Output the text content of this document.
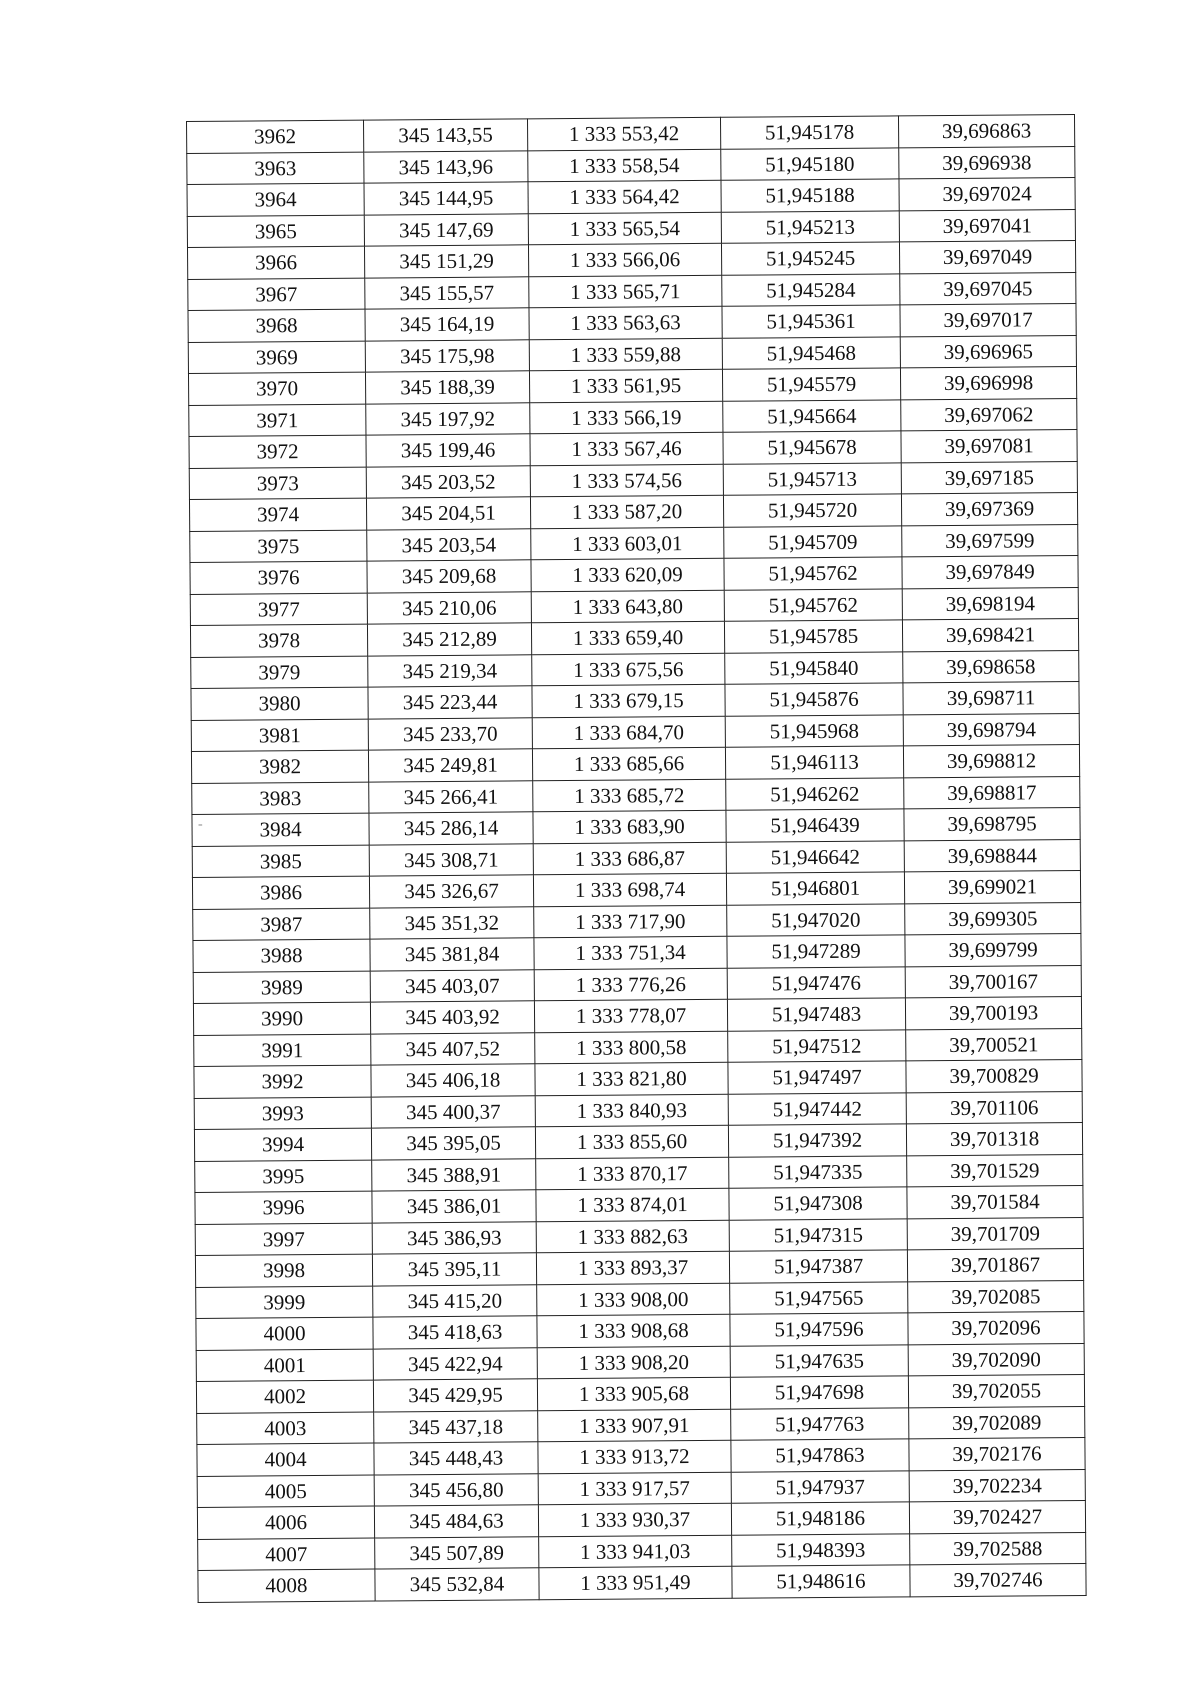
3962	345 143,55	1 333 553,42	51,945178	39,696863
3963	345 143,96	1 333 558,54	51,945180	39,696938
3964	345 144,95	1 333 564,42	51,945188	39,697024
3965	345 147,69	1 333 565,54	51,945213	39,697041
3966	345 151,29	1 333 566,06	51,945245	39,697049
3967	345 155,57	1 333 565,71	51,945284	39,697045
3968	345 164,19	1 333 563,63	51,945361	39,697017
3969	345 175,98	1 333 559,88	51,945468	39,696965
3970	345 188,39	1 333 561,95	51,945579	39,696998
3971	345 197,92	1 333 566,19	51,945664	39,697062
3972	345 199,46	1 333 567,46	51,945678	39,697081
3973	345 203,52	1 333 574,56	51,945713	39,697185
3974	345 204,51	1 333 587,20	51,945720	39,697369
3975	345 203,54	1 333 603,01	51,945709	39,697599
3976	345 209,68	1 333 620,09	51,945762	39,697849
3977	345 210,06	1 333 643,80	51,945762	39,698194
3978	345 212,89	1 333 659,40	51,945785	39,698421
3979	345 219,34	1 333 675,56	51,945840	39,698658
3980	345 223,44	1 333 679,15	51,945876	39,698711
3981	345 233,70	1 333 684,70	51,945968	39,698794
3982	345 249,81	1 333 685,66	51,946113	39,698812
3983	345 266,41	1 333 685,72	51,946262	39,698817
3984	345 286,14	1 333 683,90	51,946439	39,698795
3985	345 308,71	1 333 686,87	51,946642	39,698844
3986	345 326,67	1 333 698,74	51,946801	39,699021
3987	345 351,32	1 333 717,90	51,947020	39,699305
3988	345 381,84	1 333 751,34	51,947289	39,699799
3989	345 403,07	1 333 776,26	51,947476	39,700167
3990	345 403,92	1 333 778,07	51,947483	39,700193
3991	345 407,52	1 333 800,58	51,947512	39,700521
3992	345 406,18	1 333 821,80	51,947497	39,700829
3993	345 400,37	1 333 840,93	51,947442	39,701106
3994	345 395,05	1 333 855,60	51,947392	39,701318
3995	345 388,91	1 333 870,17	51,947335	39,701529
3996	345 386,01	1 333 874,01	51,947308	39,701584
3997	345 386,93	1 333 882,63	51,947315	39,701709
3998	345 395,11	1 333 893,37	51,947387	39,701867
3999	345 415,20	1 333 908,00	51,947565	39,702085
4000	345 418,63	1 333 908,68	51,947596	39,702096
4001	345 422,94	1 333 908,20	51,947635	39,702090
4002	345 429,95	1 333 905,68	51,947698	39,702055
4003	345 437,18	1 333 907,91	51,947763	39,702089
4004	345 448,43	1 333 913,72	51,947863	39,702176
4005	345 456,80	1 333 917,57	51,947937	39,702234
4006	345 484,63	1 333 930,37	51,948186	39,702427
4007	345 507,89	1 333 941,03	51,948393	39,702588
4008	345 532,84	1 333 951,49	51,948616	39,702746
-
